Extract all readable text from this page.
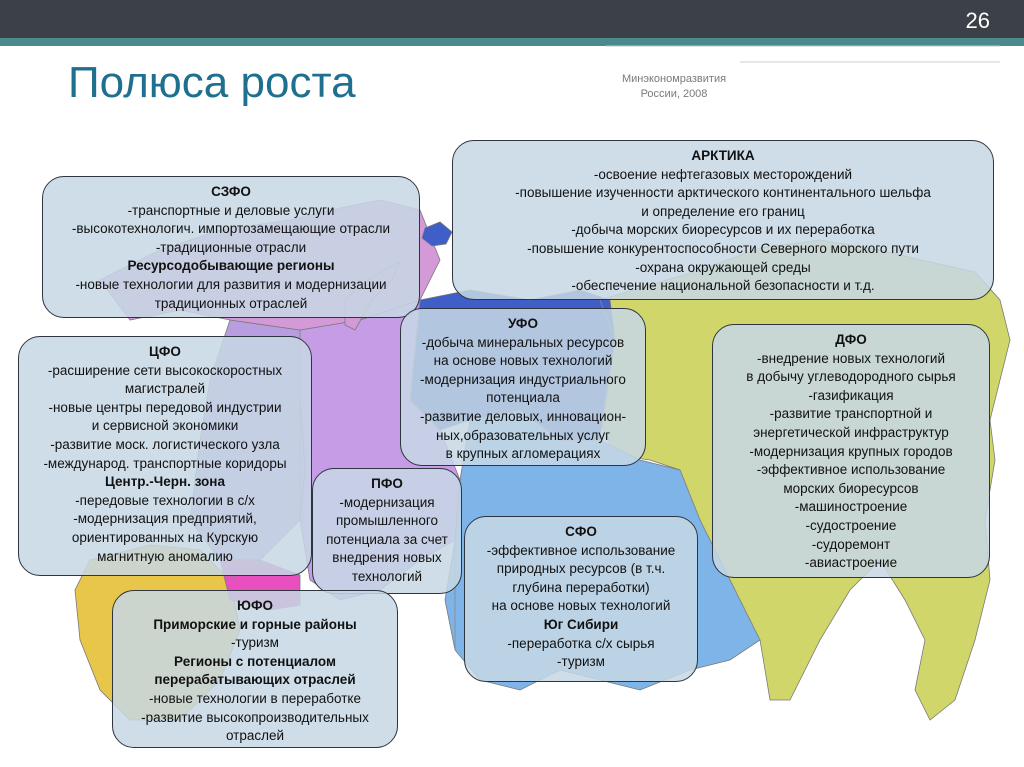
26
Полюса роста	Минэкономразвития
России, 2008
СЗФО
-транспортные и деловые услуги
-высокотехнологич. импортозамещающие отрасли
-традиционные отрасли
Ресурсодобывающие регионы
-новые технологии для развития и модернизации
традиционных отраслей
АРКТИКА
-освоение нефтегазовых месторождений
-повышение изученности арктического континентального шельфа
и определение его границ
-добыча морских биоресурсов и их переработка
-повышение конкурентоспособности Северного морского пути
-охрана окружающей среды
-обеспечение национальной безопасности и т.д.
ЦФО
-расширение сети высокоскоростных
магистралей
-новые центры передовой индустрии
и сервисной экономики
-развитие моск. логистического узла
-международ. транспортные коридоры
Центр.-Черн. зона
-передовые технологии в с/х
-модернизация предприятий,
ориентированных на Курскую
магнитную аномалию
УФО
-добыча минеральных ресурсов
на основе новых технологий
-модернизация индустриального
потенциала
-развитие деловых, инновацион-
ных,образовательных услуг
в крупных агломерациях
ДФО
-внедрение новых технологий
в добычу углеводородного сырья
-газификация
-развитие транспортной и
энергетической инфраструктур
-модернизация крупных городов
-эффективное использование
морских биоресурсов
-машиностроение
-судостроение
-судоремонт
-авиастроение
ПФО
-модернизация
промышленного
потенциала за счет
внедрения новых
технологий
СФО
-эффективное использование
природных ресурсов (в т.ч.
глубина переработки)
на основе новых технологий
Юг Сибири
-переработка с/х сырья
-туризм
ЮФО
Приморские и горные районы
-туризм
Регионы с потенциалом
перерабатывающих отраслей
-новые технологии в переработке
-развитие высокопроизводительных
отраслей
